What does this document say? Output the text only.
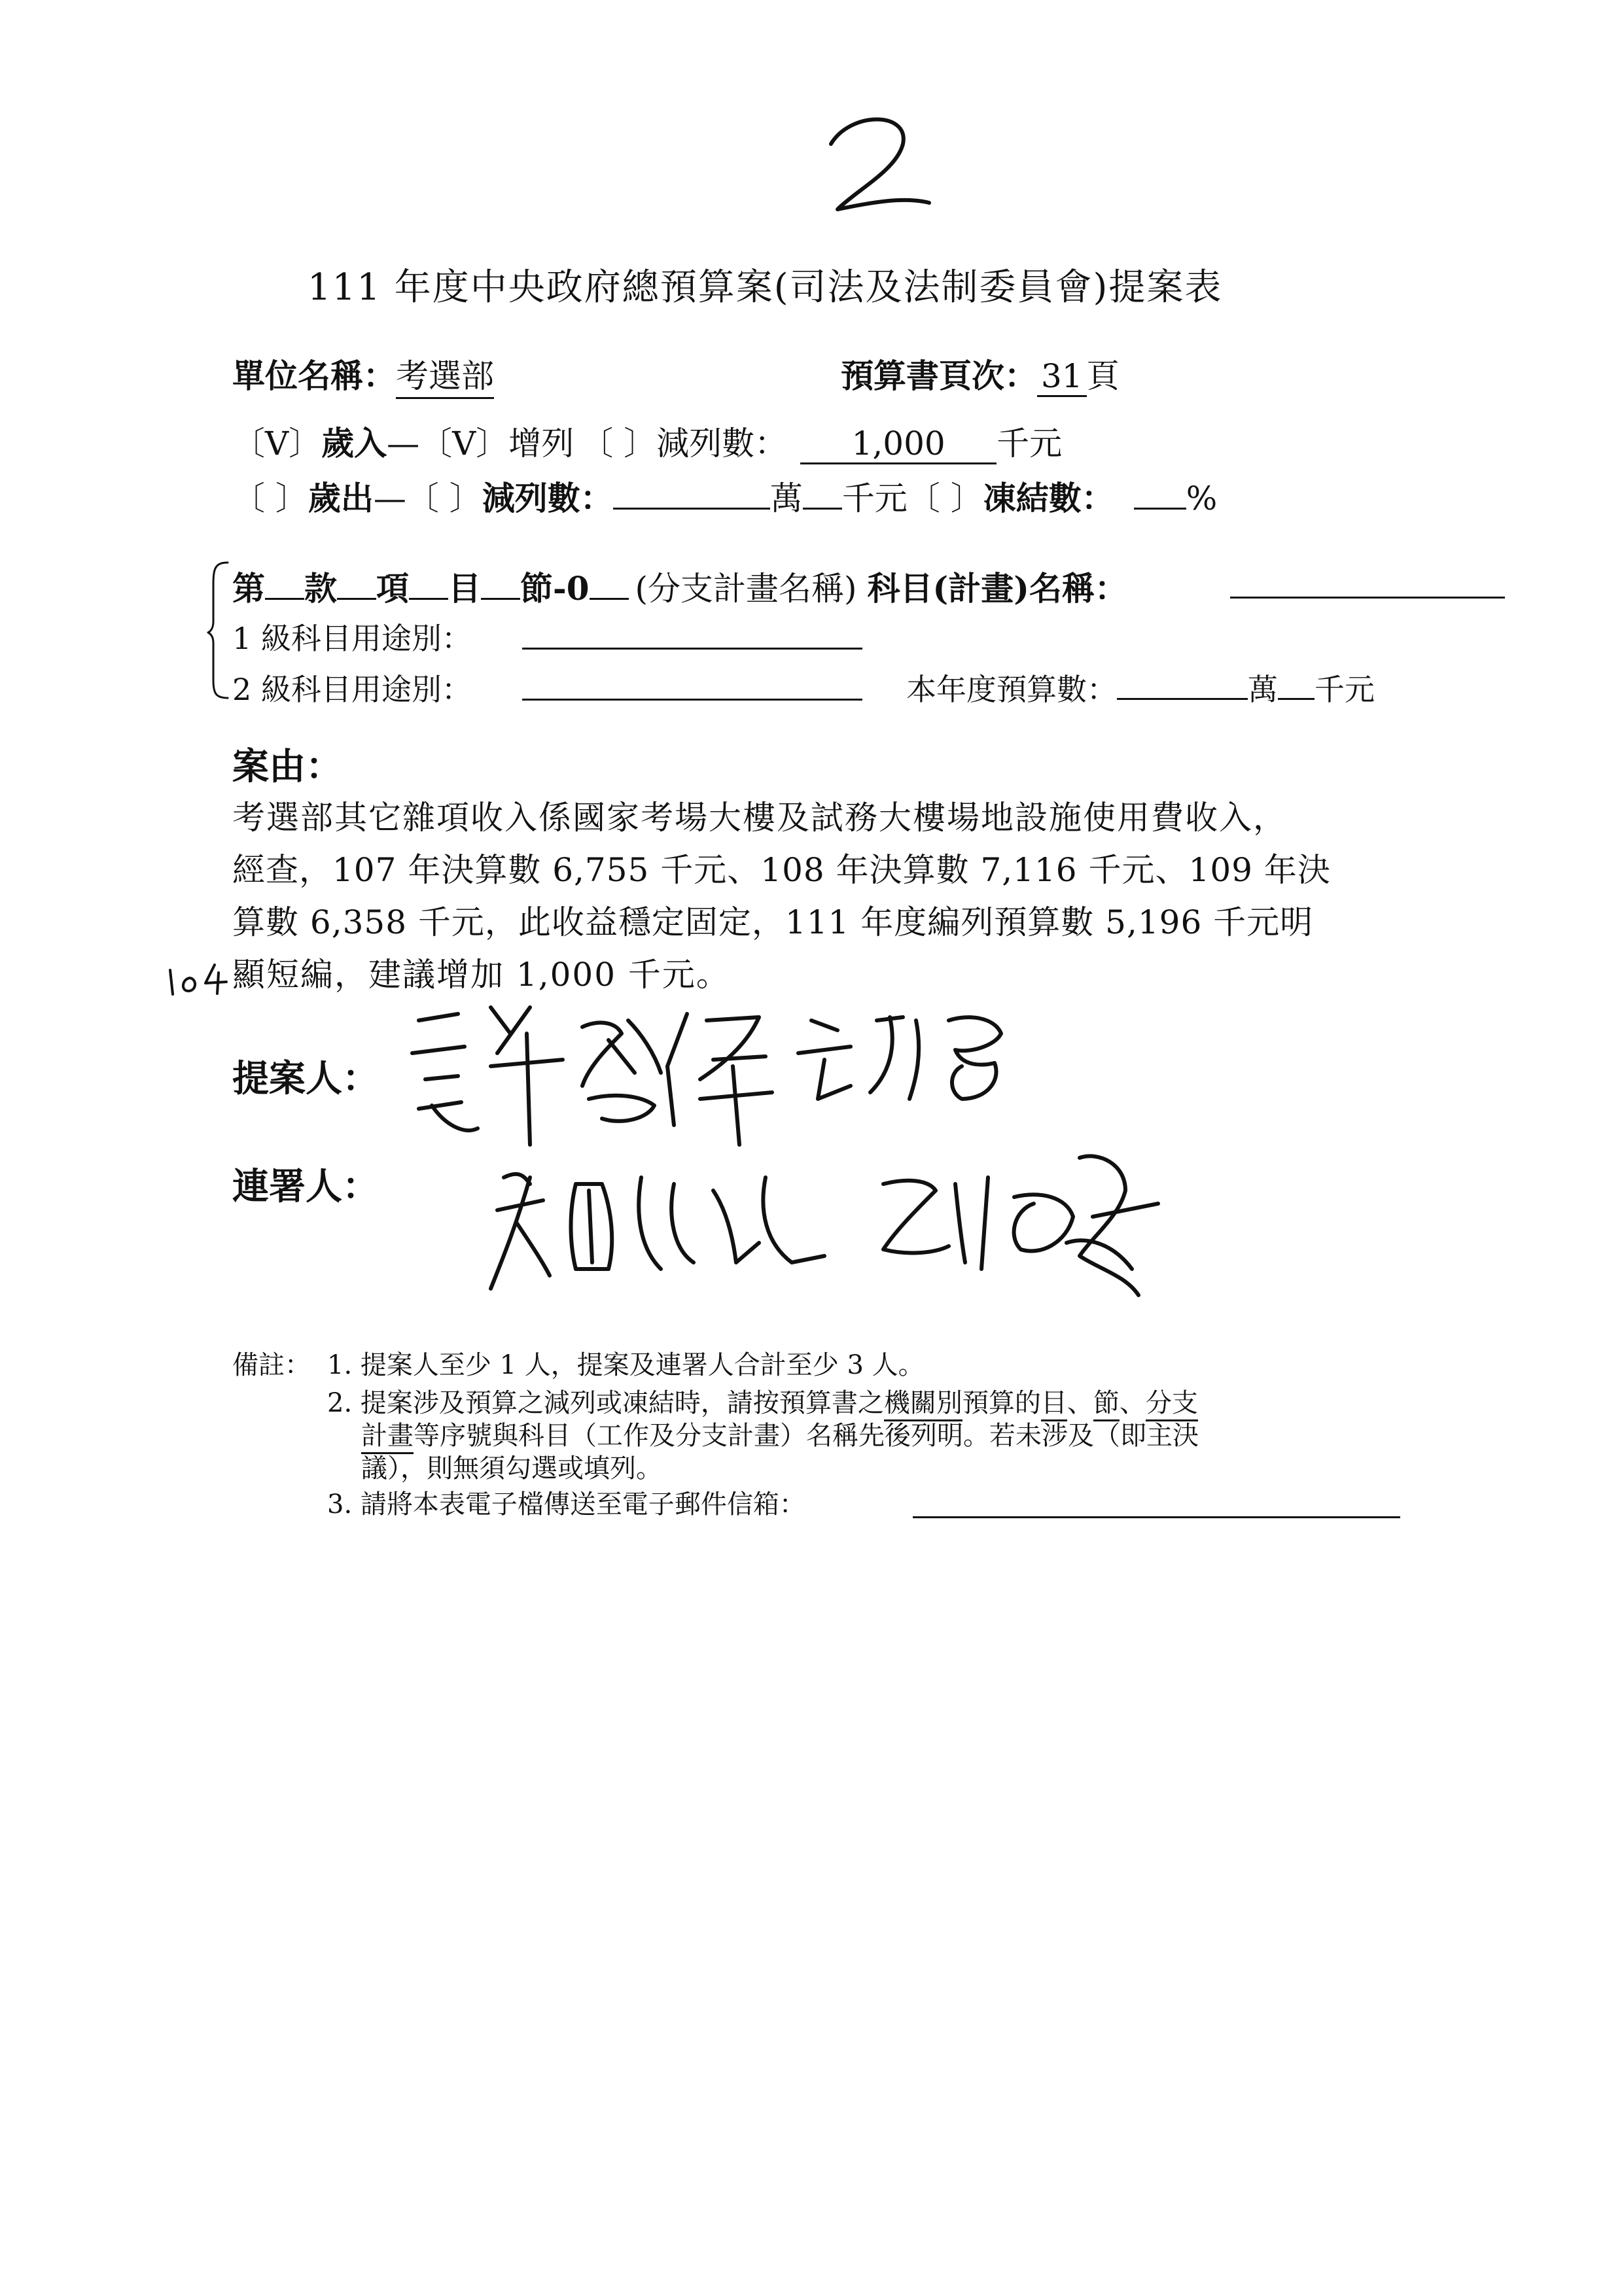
111 年度中央政府總預算案(司法及法制委員會)提案表
單位名稱：考選部	預算書頁次： 31 頁
〔V〕歲入—〔V〕增列 〔 〕減列數： 1,000 千元
〔 〕歲出—〔 〕減列數：	萬 千元〔 〕凍結數： %
第 款 項 目 節-0 (分支計畫名稱) 科目(計畫)名稱：
1 級科目用途別：
2 級科目用途別：	本年度預算數：	萬 千元
案由：
考選部其它雜項收入係國家考場大樓及試務大樓場地設施使用費收入，
經查，107 年決算數 6,755 千元、108 年決算數 7,116 千元、109 年決
算數 6,358 千元，此收益穩定固定，111 年度編列預算數 5,196 千元明
顯短編，建議增加 1,000 千元。
提案人：
連署人：
備註： 1. 提案人至少 1 人，提案及連署人合計至少 3 人。
2. 提案涉及預算之減列或凍結時，請按預算書之機關別預算的目、節、分支
計畫等序號與科目（工作及分支計畫）名稱先後列明。若未涉及（即主決
議），則無須勾選或填列。
3. 請將本表電子檔傳送至電子郵件信箱：
